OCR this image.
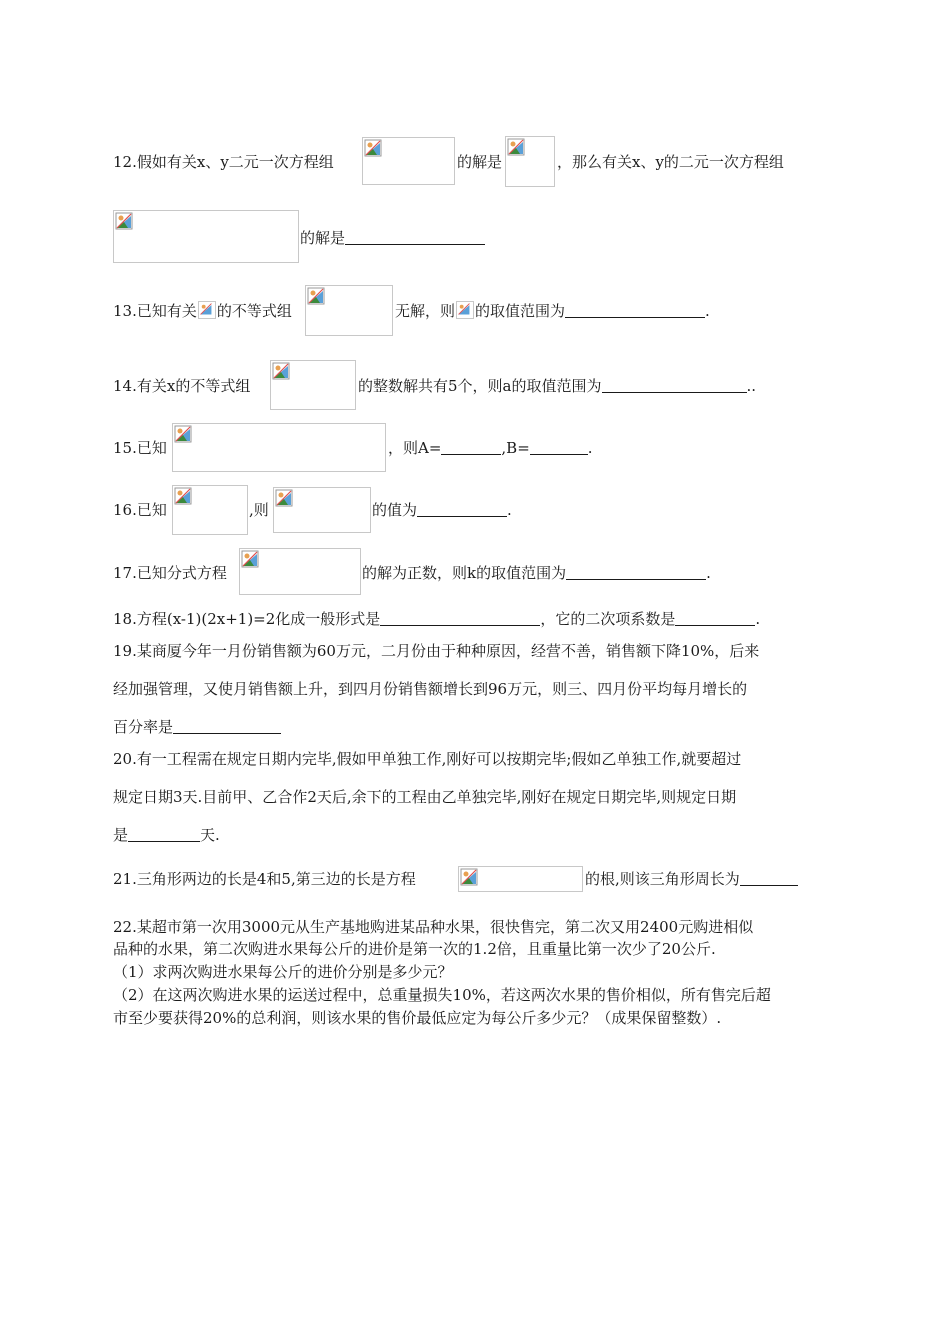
12.假如有关x、y二元一次方程组	的解是	，那么有关x、y的二元一次方程组
的解是
13.已知有关 的不等式组	无解，则 的取值范围为	.
14.有关x的不等式组	的整数解共有5个，则a的取值范围为	..
15.已知	，则A=	,B=	.
16.已知	,则	的值为	.
17.已知分式方程	的解为正数，则k的取值范围为	.
18.方程(x-1)(2x+1)=2化成一般形式是	，它的二次项系数是	.
19.某商厦今年一月份销售额为60万元，二月份由于种种原因，经营不善，销售额下降10%，后来
经加强管理，又使月销售额上升，到四月份销售额增长到96万元，则三、四月份平均每月增长的
百分率是
20.有一工程需在规定日期内完毕,假如甲单独工作,刚好可以按期完毕;假如乙单独工作,就要超过
规定日期3天.目前甲、乙合作2天后,余下的工程由乙单独完毕,刚好在规定日期完毕,则规定日期
是	天.
21.三角形两边的长是4和5,第三边的长是方程	的根,则该三角形周长为
22.某超市第一次用3000元从生产基地购进某品种水果，很快售完，第二次又用2400元购进相似
品种的水果，第二次购进水果每公斤的进价是第一次的1.2倍，且重量比第一次少了20公斤.
（1）求两次购进水果每公斤的进价分别是多少元？
（2）在这两次购进水果的运送过程中，总重量损失10%，若这两次水果的售价相似，所有售完后超
市至少要获得20%的总利润，则该水果的售价最低应定为每公斤多少元？（成果保留整数）.
